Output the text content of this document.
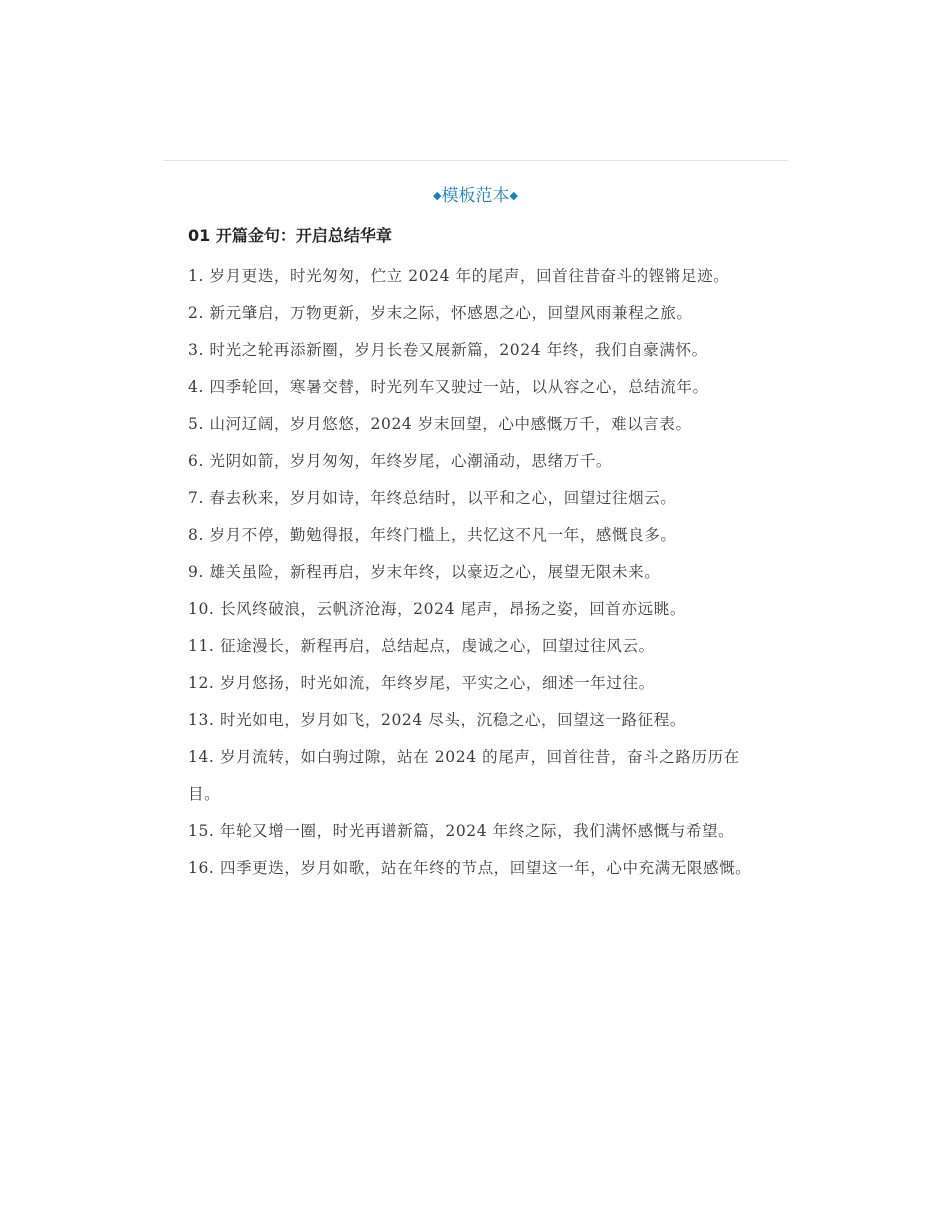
◆模板范本◆
01 开篇金句：开启总结华章
1. 岁月更迭，时光匆匆，伫立 2024 年的尾声，回首往昔奋斗的铿锵足迹。
2. 新元肇启，万物更新，岁末之际，怀感恩之心，回望风雨兼程之旅。
3. 时光之轮再添新圈，岁月长卷又展新篇，2024 年终，我们自豪满怀。
4. 四季轮回，寒暑交替，时光列车又驶过一站，以从容之心，总结流年。
5. 山河辽阔，岁月悠悠，2024 岁末回望，心中感慨万千，难以言表。
6. 光阴如箭，岁月匆匆，年终岁尾，心潮涌动，思绪万千。
7. 春去秋来，岁月如诗，年终总结时，以平和之心，回望过往烟云。
8. 岁月不停，勤勉得报，年终门槛上，共忆这不凡一年，感慨良多。
9. 雄关虽险，新程再启，岁末年终，以豪迈之心，展望无限未来。
10. 长风终破浪，云帆济沧海，2024 尾声，昂扬之姿，回首亦远眺。
11. 征途漫长，新程再启，总结起点，虔诚之心，回望过往风云。
12. 岁月悠扬，时光如流，年终岁尾，平实之心，细述一年过往。
13. 时光如电，岁月如飞，2024 尽头，沉稳之心，回望这一路征程。
14. 岁月流转，如白驹过隙，站在 2024 的尾声，回首往昔，奋斗之路历历在目。
15. 年轮又增一圈，时光再谱新篇，2024 年终之际，我们满怀感慨与希望。
16. 四季更迭，岁月如歌，站在年终的节点，回望这一年，心中充满无限感慨。
